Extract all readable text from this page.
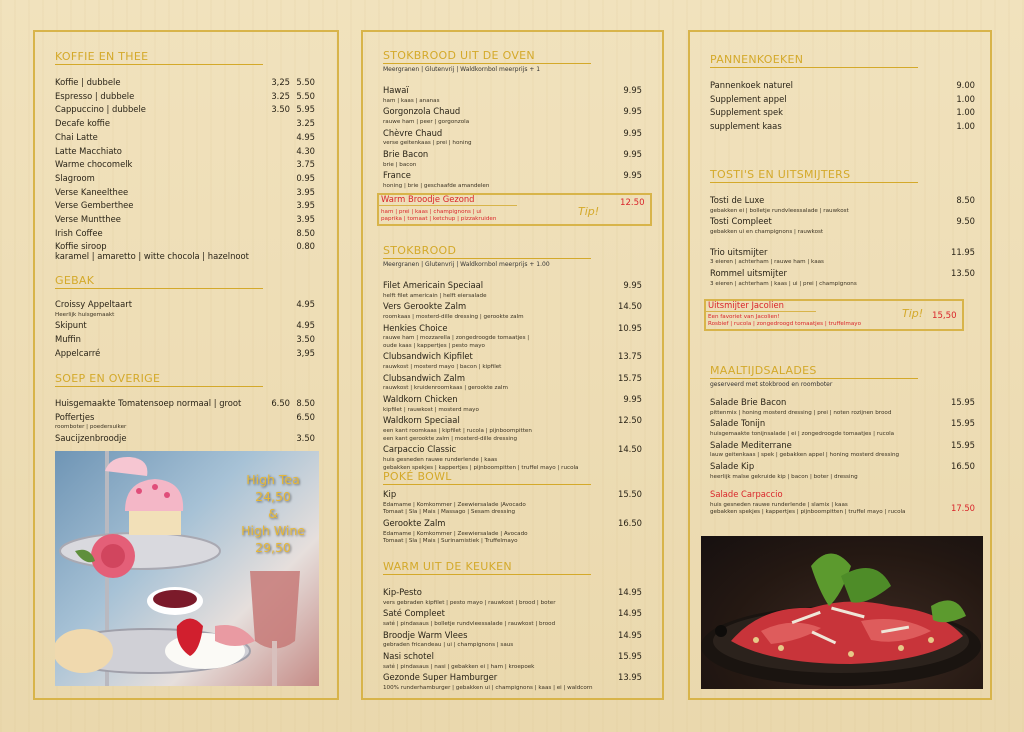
KOFFIE EN THEE
Koffie | dubbele	3,25 5.50
Espresso | dubbele	3.25 5.50
Cappuccino | dubbele	3.50 5.95
Decafe koffie	3.25
Chai Latte	4.95
Latte Macchiato	4.30
Warme chocomelk	3.75
Slagroom	0.95
Verse Kaneelthee	3.95
Verse Gemberthee	3.95
Verse Muntthee	3.95
Irish Coffee	8.50
Koffie siroop	0.80
karamel | amaretto | witte chocola | hazelnoot
GEBAK
Croissy Appeltaart
Heerlijk huisgemaakt
4.95
Skipunt	4.95
Muffin	3.50
Appelcarré	3,95
SOEP EN OVERIGE
Huisgemaakte Tomatensoep normaal | groot	6.50 8.50
Poffertjes
roomboter | poedersuiker
6.50
Saucijzenbroodje	3.50
High Tea
24,50
&
High Wine
29,50
STOKBROOD UIT DE OVEN
Meergranen | Glutenvrij | Waldkornbol meerprijs + 1
Hawaï
ham | kaas | ananas
9.95
Gorgonzola Chaud
rauwe ham | peer | gorgonzola
9.95
Chèvre Chaud
verse geitenkaas | prei | honing
9.95
Brie Bacon
brie | bacon
9.95
France
honing | brie | geschaafde amandelen
9.95
Warm Broodje Gezond
ham | prei | kaas | champignons | ui
paprika | tomaat | ketchup | pizzakruiden
Tip!
12.50
STOKBROOD
Meergranen | Glutenvrij | Waldkornbol meerprijs + 1.00
Filet Americain Speciaal
helft filet americain | helft eiersalade
9.95
Vers Gerookte Zalm
roomkaas | mosterd-dille dressing | gerookte zalm
14.50
Henkies Choice
rauwe ham | mozzarella | zongedroogde tomaatjes |
oude kaas | kappertjes | pesto mayo
10.95
Clubsandwich Kipfilet
rauwkost | mosterd mayo | bacon | kipfilet
13.75
Clubsandwich Zalm
rauwkost | kruidenroomkaas | gerookte zalm
15.75
Waldkorn Chicken
kipfilet | rauwkost | mosterd mayo
9.95
Waldkorn Speciaal
een kant roomkaas | kipfilet | rucola | pijnboompitten
een kant gerookte zalm | mosterd-dille dressing
12.50
Carpaccio Classic
huis gesneden rauwe runderlende | kaas
gebakken spekjes | kappertjes | pijnboompitten | truffel mayo | rucola
14.50
POKÉ BOWL
Kip
Edamame | Komkommer | Zeewiersalade |Avocado
Tomaat | Sla | Mais | Massago | Sesam dressing
15.50
Gerookte Zalm
Edamame | Komkommer | Zeewiersalade | Avocado
Tomaat | Sla | Mais | Surinamistiek | Truffelmayo
16.50
WARM UIT DE KEUKEN
Kip-Pesto
vers gebraden kipfilet | pesto mayo | rauwkost | brood | boter
14.95
Saté Compleet
saté | pindasaus | bolletje rundvleessalade | rauwkost | brood
14.95
Broodje Warm Vlees
gebraden fricandeau | ui | champignons | saus
14.95
Nasi schotel
saté | pindasaus | nasi | gebakken ei | ham | kroepoek
15.95
Gezonde Super Hamburger
100% runderhamburger | gebakken ui | champignons | kaas | ei | waldcorn
13.95
PANNENKOEKEN
Pannenkoek naturel	9.00
Supplement appel	1.00
Supplement spek	1.00
supplement kaas	1.00
TOSTI'S EN UITSMIJTERS
Tosti de Luxe
gebakken ei | bolletje rundvleessalade | rauwkost
8.50
Tosti Compleet
gebakken ui en champignons | rauwkost
9.50
Trio uitsmijter
3 eieren | achterham | rauwe ham | kaas
11.95
Rommel uitsmijter
3 eieren | achterham | kaas | ui | prei | champignons
13.50
Uitsmijter Jacolien
Een favoriet van Jacolien!
Rosbief | rucola | zongedroogd tomaatjes | truffelmayo
Tip! 15,50
MAALTIJDSALADES
geserveerd met stokbrood en roomboter
Salade Brie Bacon
pittenmix | honing mosterd dressing | prei | noten rozijnen brood
15.95
Salade Tonijn
huisgemaakte tonijnsalade | ei | zongedroogde tomaatjes | rucola
15.95
Salade Mediterrane
lauw geitenkaas | spek | gebakken appel | honing mosterd dressing
15.95
Salade Kip
heerlijk malse gekruide kip | bacon | boter | dressing
16.50
Salade Carpaccio
huis gesneden rauwe runderlende | slamix | kaas
gebakken spekjes | kappertjes | pijnboompitten | truffel mayo | rucola	17.50
